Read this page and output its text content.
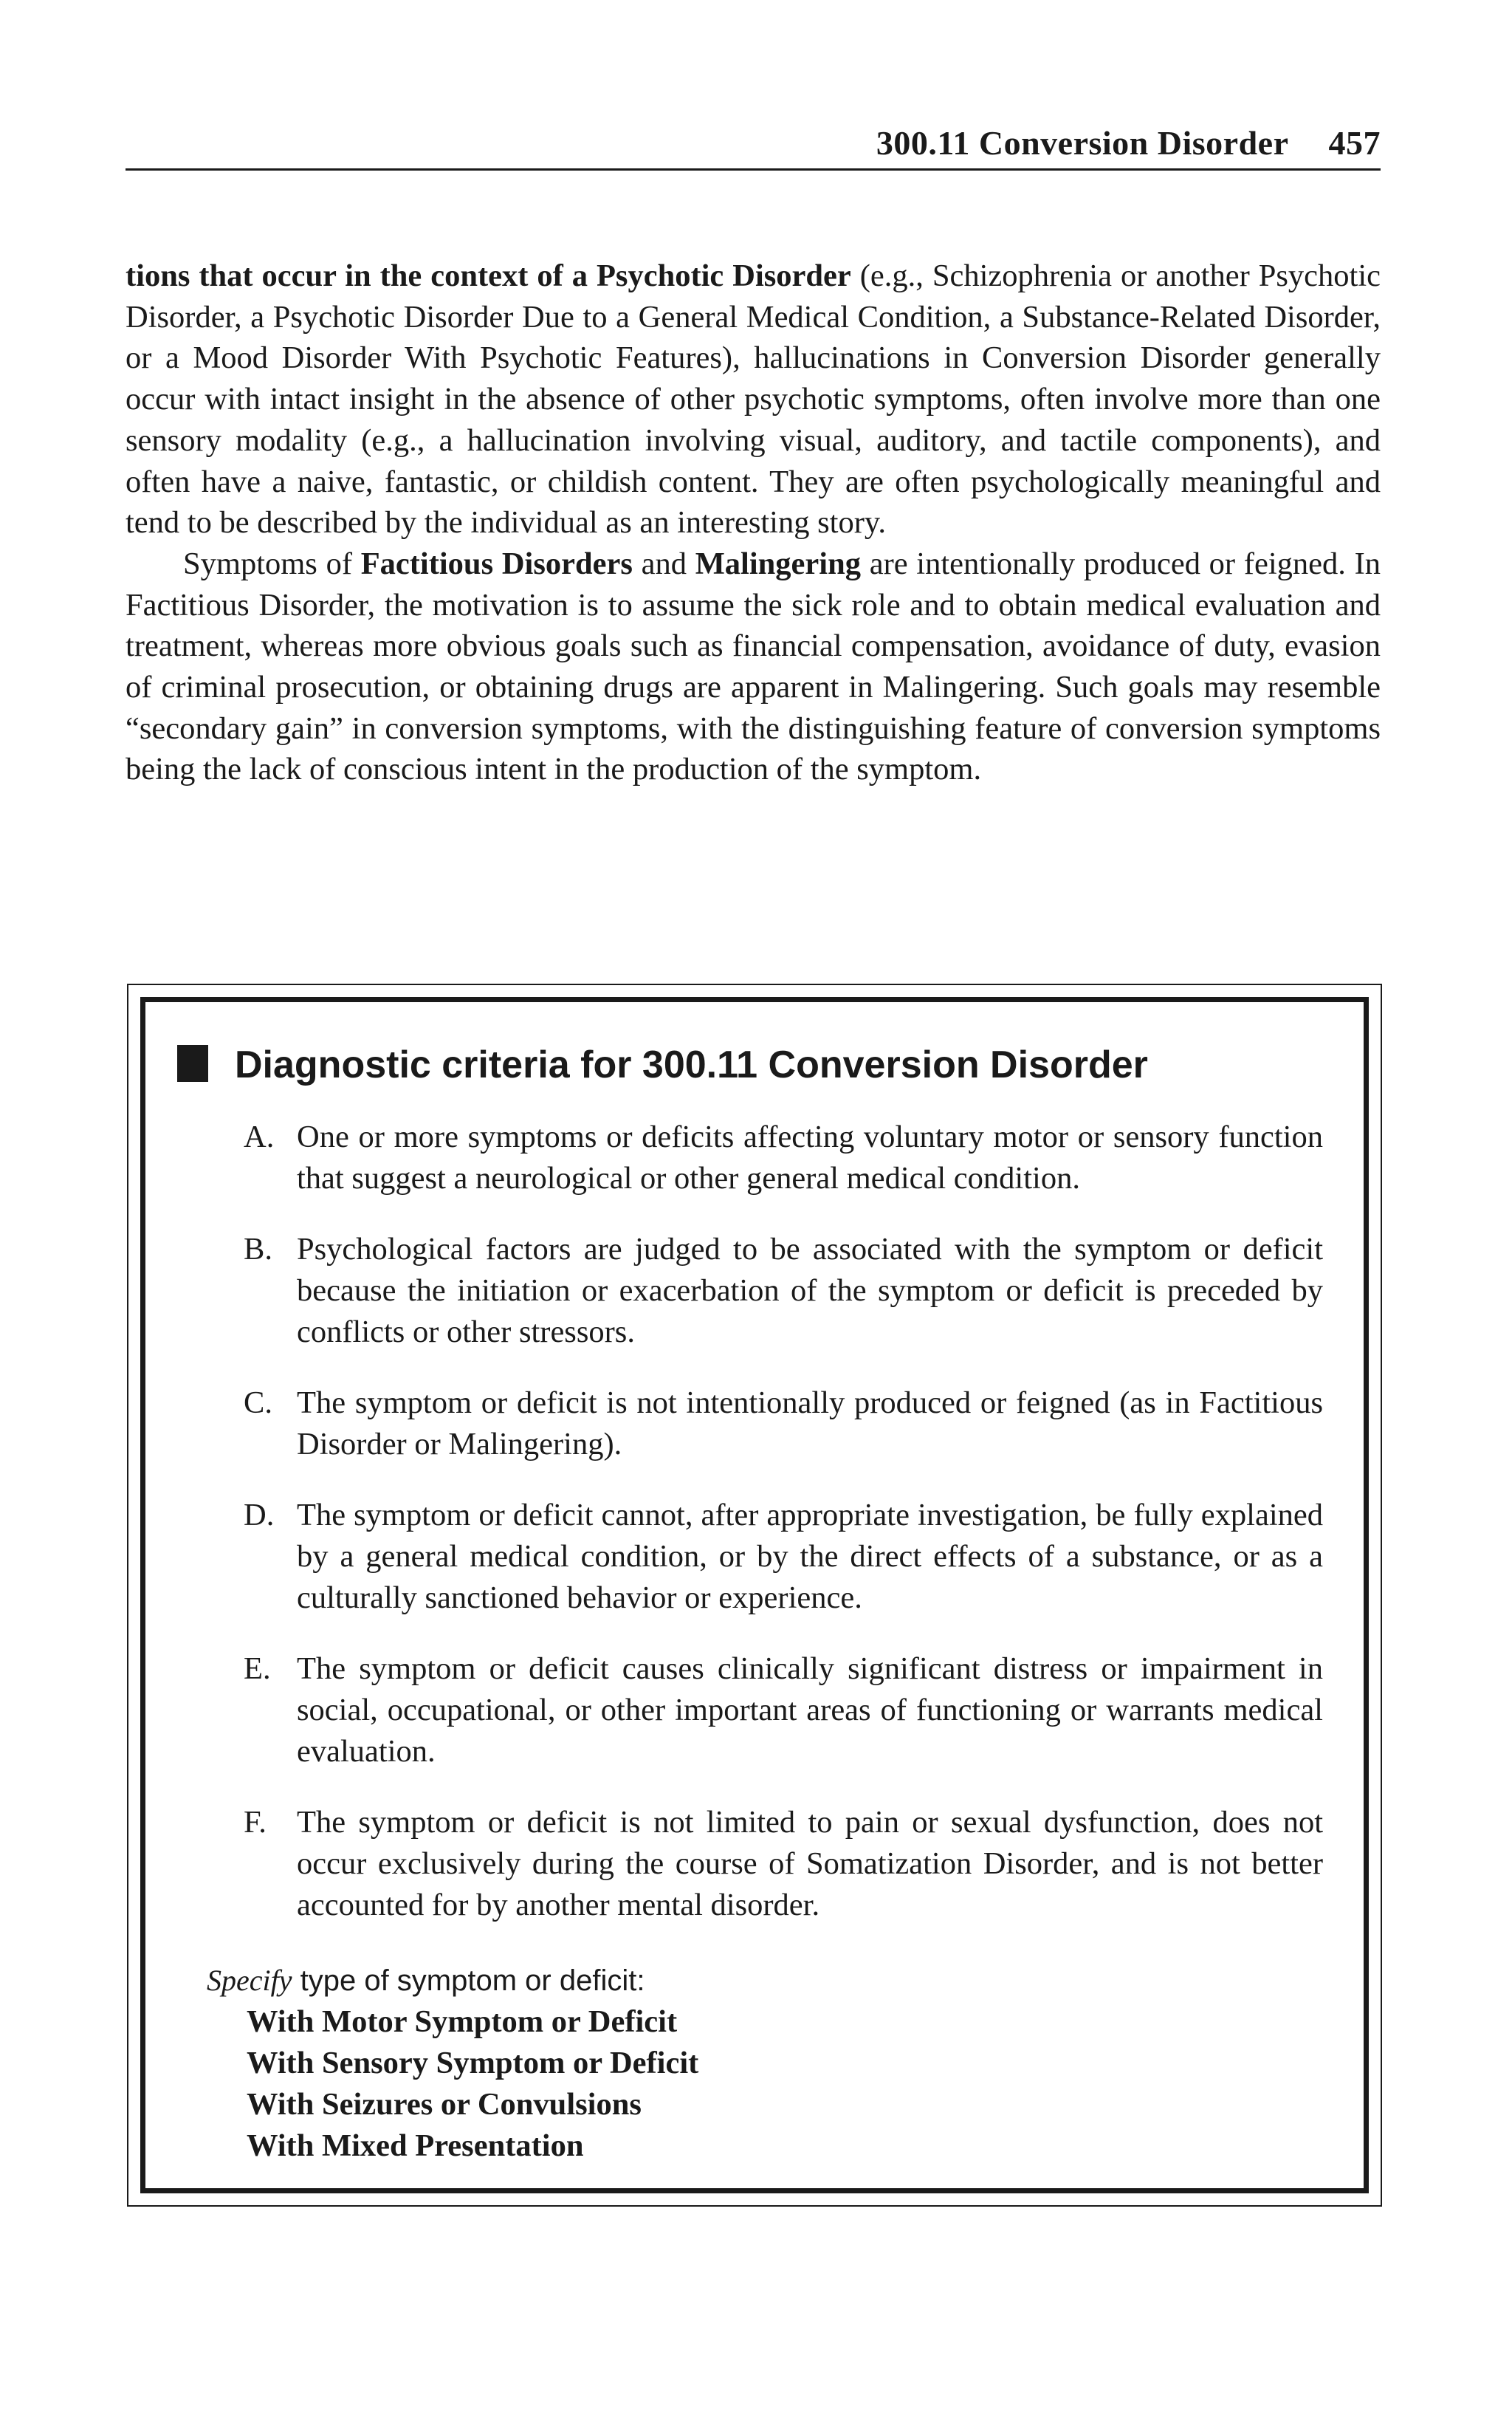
300.11 Conversion Disorder 457

tions that occur in the context of a Psychotic Disorder (e.g., Schizophrenia or another Psychotic Disorder, a Psychotic Disorder Due to a General Medical Condition, a Substance-Related Disorder, or a Mood Disorder With Psychotic Features), hallucinations in Conversion Disorder generally occur with intact insight in the absence of other psychotic symptoms, often involve more than one sensory modality (e.g., a hallucination involving visual, auditory, and tactile components), and often have a naive, fantastic, or childish content. They are often psychologically meaningful and tend to be described by the individual as an interesting story.

Symptoms of Factitious Disorders and Malingering are intentionally produced or feigned. In Factitious Disorder, the motivation is to assume the sick role and to obtain medical evaluation and treatment, whereas more obvious goals such as financial compensation, avoidance of duty, evasion of criminal prosecution, or obtaining drugs are apparent in Malingering. Such goals may resemble “secondary gain” in conversion symptoms, with the distinguishing feature of conversion symptoms being the lack of conscious intent in the production of the symptom.

Diagnostic criteria for 300.11 Conversion Disorder
A. One or more symptoms or deficits affecting voluntary motor or sensory function that suggest a neurological or other general medical condition.
B. Psychological factors are judged to be associated with the symptom or deficit because the initiation or exacerbation of the symptom or deficit is preceded by conflicts or other stressors.
C. The symptom or deficit is not intentionally produced or feigned (as in Factitious Disorder or Malingering).
D. The symptom or deficit cannot, after appropriate investigation, be fully explained by a general medical condition, or by the direct effects of a substance, or as a culturally sanctioned behavior or experience.
E. The symptom or deficit causes clinically significant distress or impairment in social, occupational, or other important areas of functioning or warrants medical evaluation.
F. The symptom or deficit is not limited to pain or sexual dysfunction, does not occur exclusively during the course of Somatization Disorder, and is not better accounted for by another mental disorder.
Specify type of symptom or deficit:
With Motor Symptom or Deficit
With Sensory Symptom or Deficit
With Seizures or Convulsions
With Mixed Presentation
